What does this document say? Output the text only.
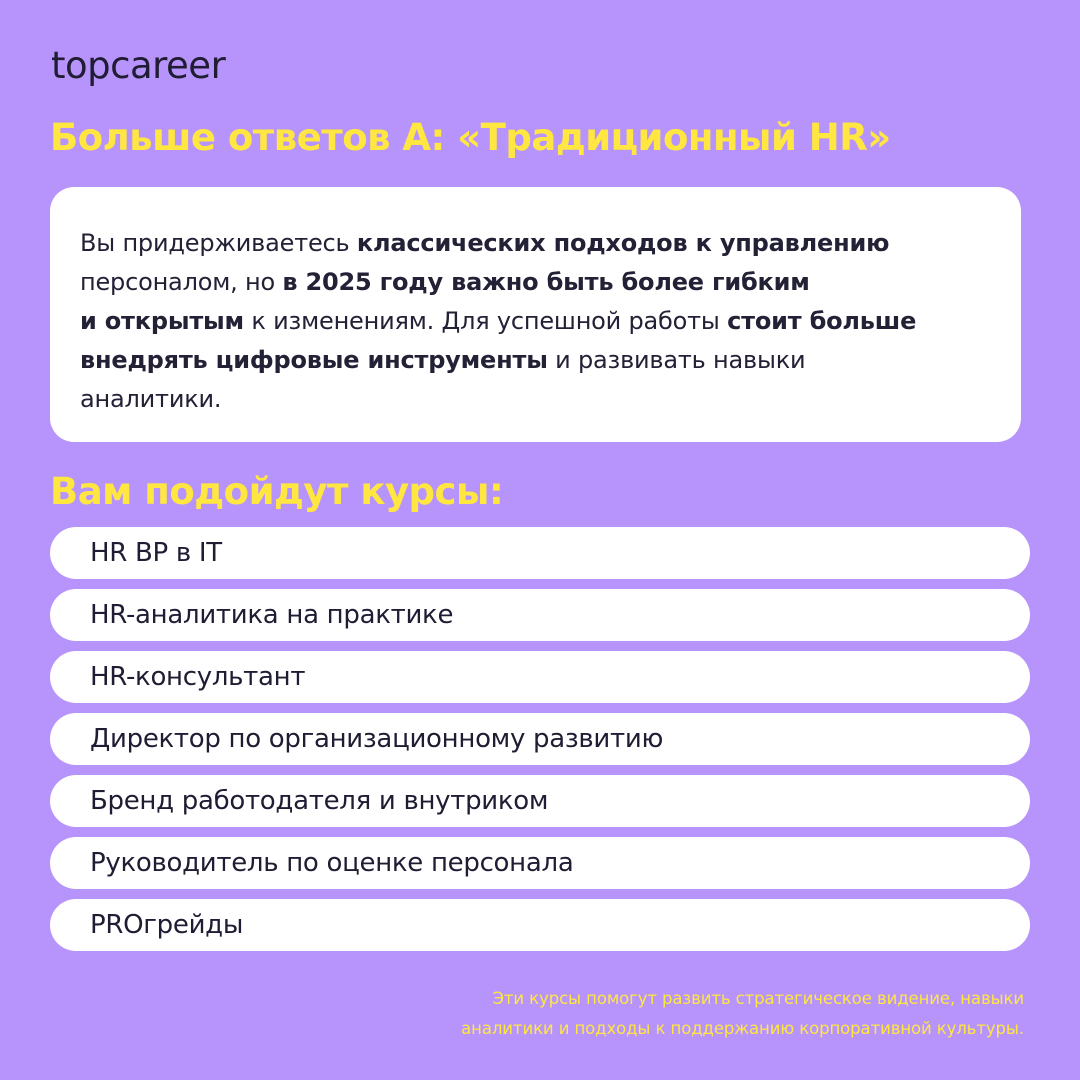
topcareer
Больше ответов А: «Традиционный HR»
Вы придерживаетесь классических подходов к управлению
персоналом, но в 2025 году важно быть более гибким
и открытым к изменениям. Для успешной работы стоит больше
внедрять цифровые инструменты и развивать навыки
аналитики.
Вам подойдут курсы:
HR BP в IT
HR-аналитика на практике
HR-консультант
Директор по организационному развитию
Бренд работодателя и внутриком
Руководитель по оценке персонала
PROгрейды
Эти курсы помогут развить стратегическое видение, навыки
аналитики и подходы к поддержанию корпоративной культуры.
